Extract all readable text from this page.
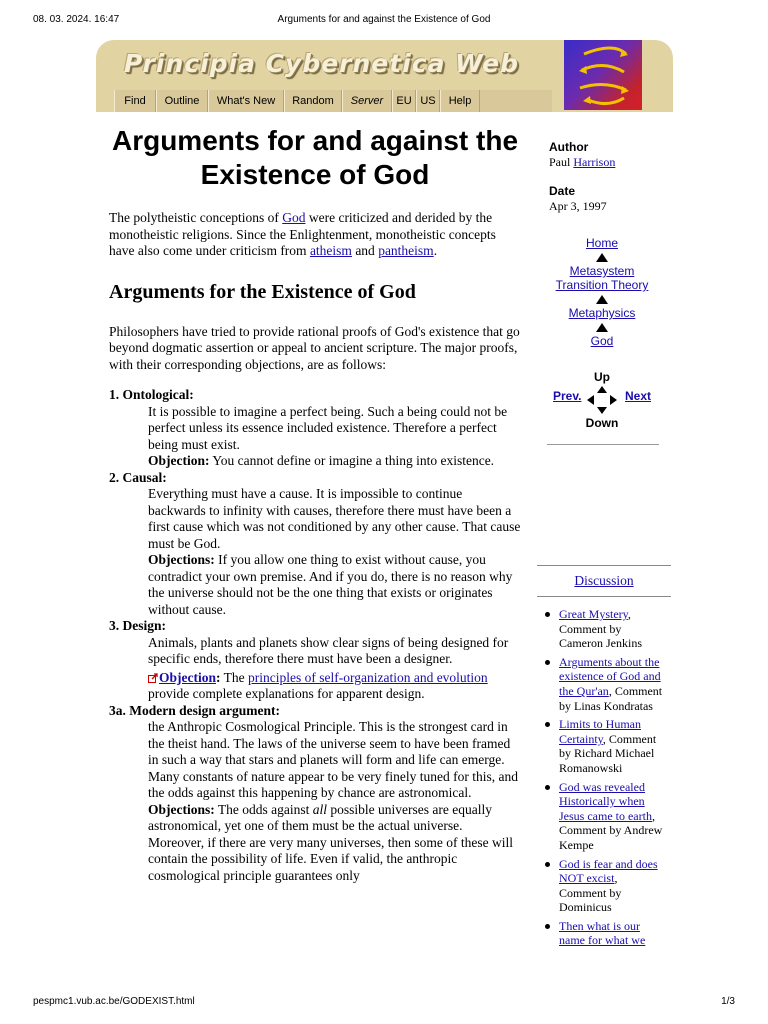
08. 03. 2024. 16:47	Arguments for and against the Existence of God
Principia Cybernetica Web
Find	Outline	What's New	Random	Server	EU US	Help
Arguments for and against the Existence of God

The polytheistic conceptions of God were criticized and derided by the monotheistic religions. Since the Enlightenment, monotheistic concepts have also come under criticism from atheism and pantheism.

Arguments for the Existence of God

Philosophers have tried to provide rational proofs of God's existence that go beyond dogmatic assertion or appeal to ancient scripture. The major proofs, with their corresponding objections, are as follows:

1. Ontological:
It is possible to imagine a perfect being. Such a being could not be perfect unless its essence included existence. Therefore a perfect being must exist.
Objection: You cannot define or imagine a thing into existence.
2. Causal:
Everything must have a cause. It is impossible to continue backwards to infinity with causes, therefore there must have been a first cause which was not conditioned by any other cause. That cause must be God.
Objections: If you allow one thing to exist without cause, you contradict your own premise. And if you do, there is no reason why the universe should not be the one thing that exists or originates without cause.
3. Design:
Animals, plants and planets show clear signs of being designed for specific ends, therefore there must have been a designer.
Objection: The principles of self-organization and evolution provide complete explanations for apparent design.
3a. Modern design argument:
the Anthropic Cosmological Principle. This is the strongest card in the theist hand. The laws of the universe seem to have been framed in such a way that stars and planets will form and life can emerge. Many constants of nature appear to be very finely tuned for this, and the odds against this happening by chance are astronomical.
Objections: The odds against all possible universes are equally astronomical, yet one of them must be the actual universe. Moreover, if there are very many universes, then some of these will contain the possibility of life. Even if valid, the anthropic cosmological principle guarantees only
Author
Paul Harrison
Date
Apr 3, 1997
Home
Metasystem Transition Theory
Metaphysics
God
Up
Prev.	Next
Down
Discussion
Great Mystery, Comment by Cameron Jenkins
Arguments about the existence of God and the Qur'an, Comment by Linas Kondratas
Limits to Human Certainty, Comment by Richard Michael Romanowski
God was revealed Historically when Jesus came to earth, Comment by Andrew Kempe
God is fear and does NOT excist, Comment by Dominicus
Then what is our name for what we
pespmc1.vub.ac.be/GODEXIST.html	1/3
